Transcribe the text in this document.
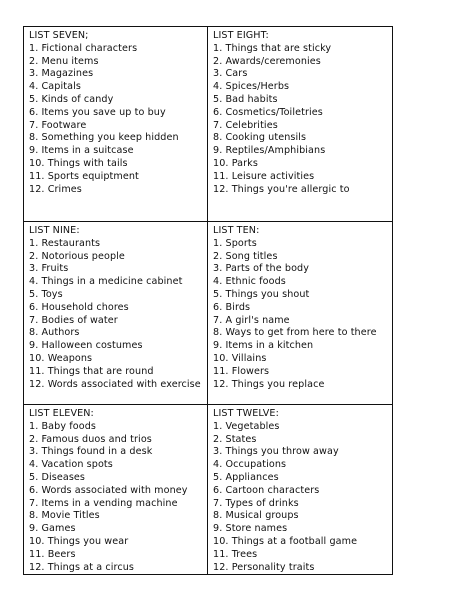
LIST SEVEN;
1. Fictional characters
2. Menu items
3. Magazines
4. Capitals
5. Kinds of candy
6. Items you save up to buy
7. Footware
8. Something you keep hidden
9. Items in a suitcase
10. Things with tails
11. Sports equiptment
12. Crimes
LIST EIGHT:
1. Things that are sticky
2. Awards/ceremonies
3. Cars
4. Spices/Herbs
5. Bad habits
6. Cosmetics/Toiletries
7. Celebrities
8. Cooking utensils
9. Reptiles/Amphibians
10. Parks
11. Leisure activities
12. Things you're allergic to
LIST NINE:
1. Restaurants
2. Notorious people
3. Fruits
4. Things in a medicine cabinet
5. Toys
6. Household chores
7. Bodies of water
8. Authors
9. Halloween costumes
10. Weapons
11. Things that are round
12. Words associated with exercise
LIST TEN:
1. Sports
2. Song titles
3. Parts of the body
4. Ethnic foods
5. Things you shout
6. Birds
7. A girl's name
8. Ways to get from here to there
9. Items in a kitchen
10. Villains
11. Flowers
12. Things you replace
LIST ELEVEN:
1. Baby foods
2. Famous duos and trios
3. Things found in a desk
4. Vacation spots
5. Diseases
6. Words associated with money
7. Items in a vending machine
8. Movie Titles
9. Games
10. Things you wear
11. Beers
12. Things at a circus
LIST TWELVE:
1. Vegetables
2. States
3. Things you throw away
4. Occupations
5. Appliances
6. Cartoon characters
7. Types of drinks
8. Musical groups
9. Store names
10. Things at a football game
11. Trees
12. Personality traits
